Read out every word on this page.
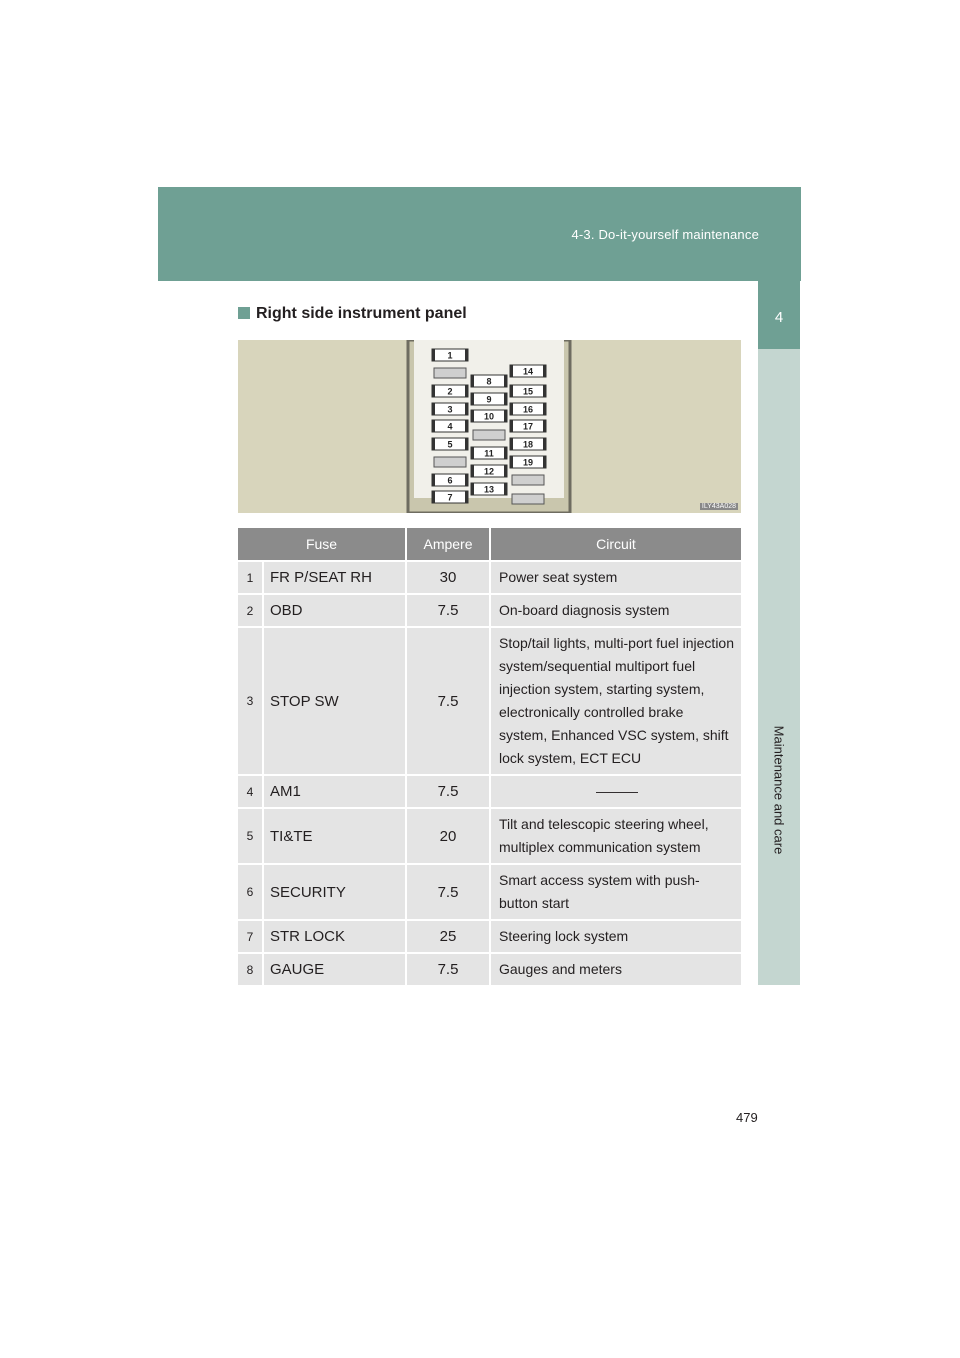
4-3. Do-it-yourself maintenance
4
Maintenance and care
Right side instrument panel
1
2
3
4
5
6
7
8
9
10
11
12
13
14
15
16
17
18
19
ILY43A028
Fuse		Ampere	Circuit
1	FR P/SEAT RH	30	Power seat system
2	OBD	7.5	On-board diagnosis system
3	STOP SW	7.5	Stop/tail lights, multi-port fuel injection system/sequential multiport fuel injection system, starting system, electronically controlled brake system, Enhanced VSC system, shift lock system, ECT ECU
4	AM1	7.5	———
5	TI&TE	20	Tilt and telescopic steering wheel, multiplex communication system
6	SECURITY	7.5	Smart access system with push-button start
7	STR LOCK	25	Steering lock system
8	GAUGE	7.5	Gauges and meters
479
